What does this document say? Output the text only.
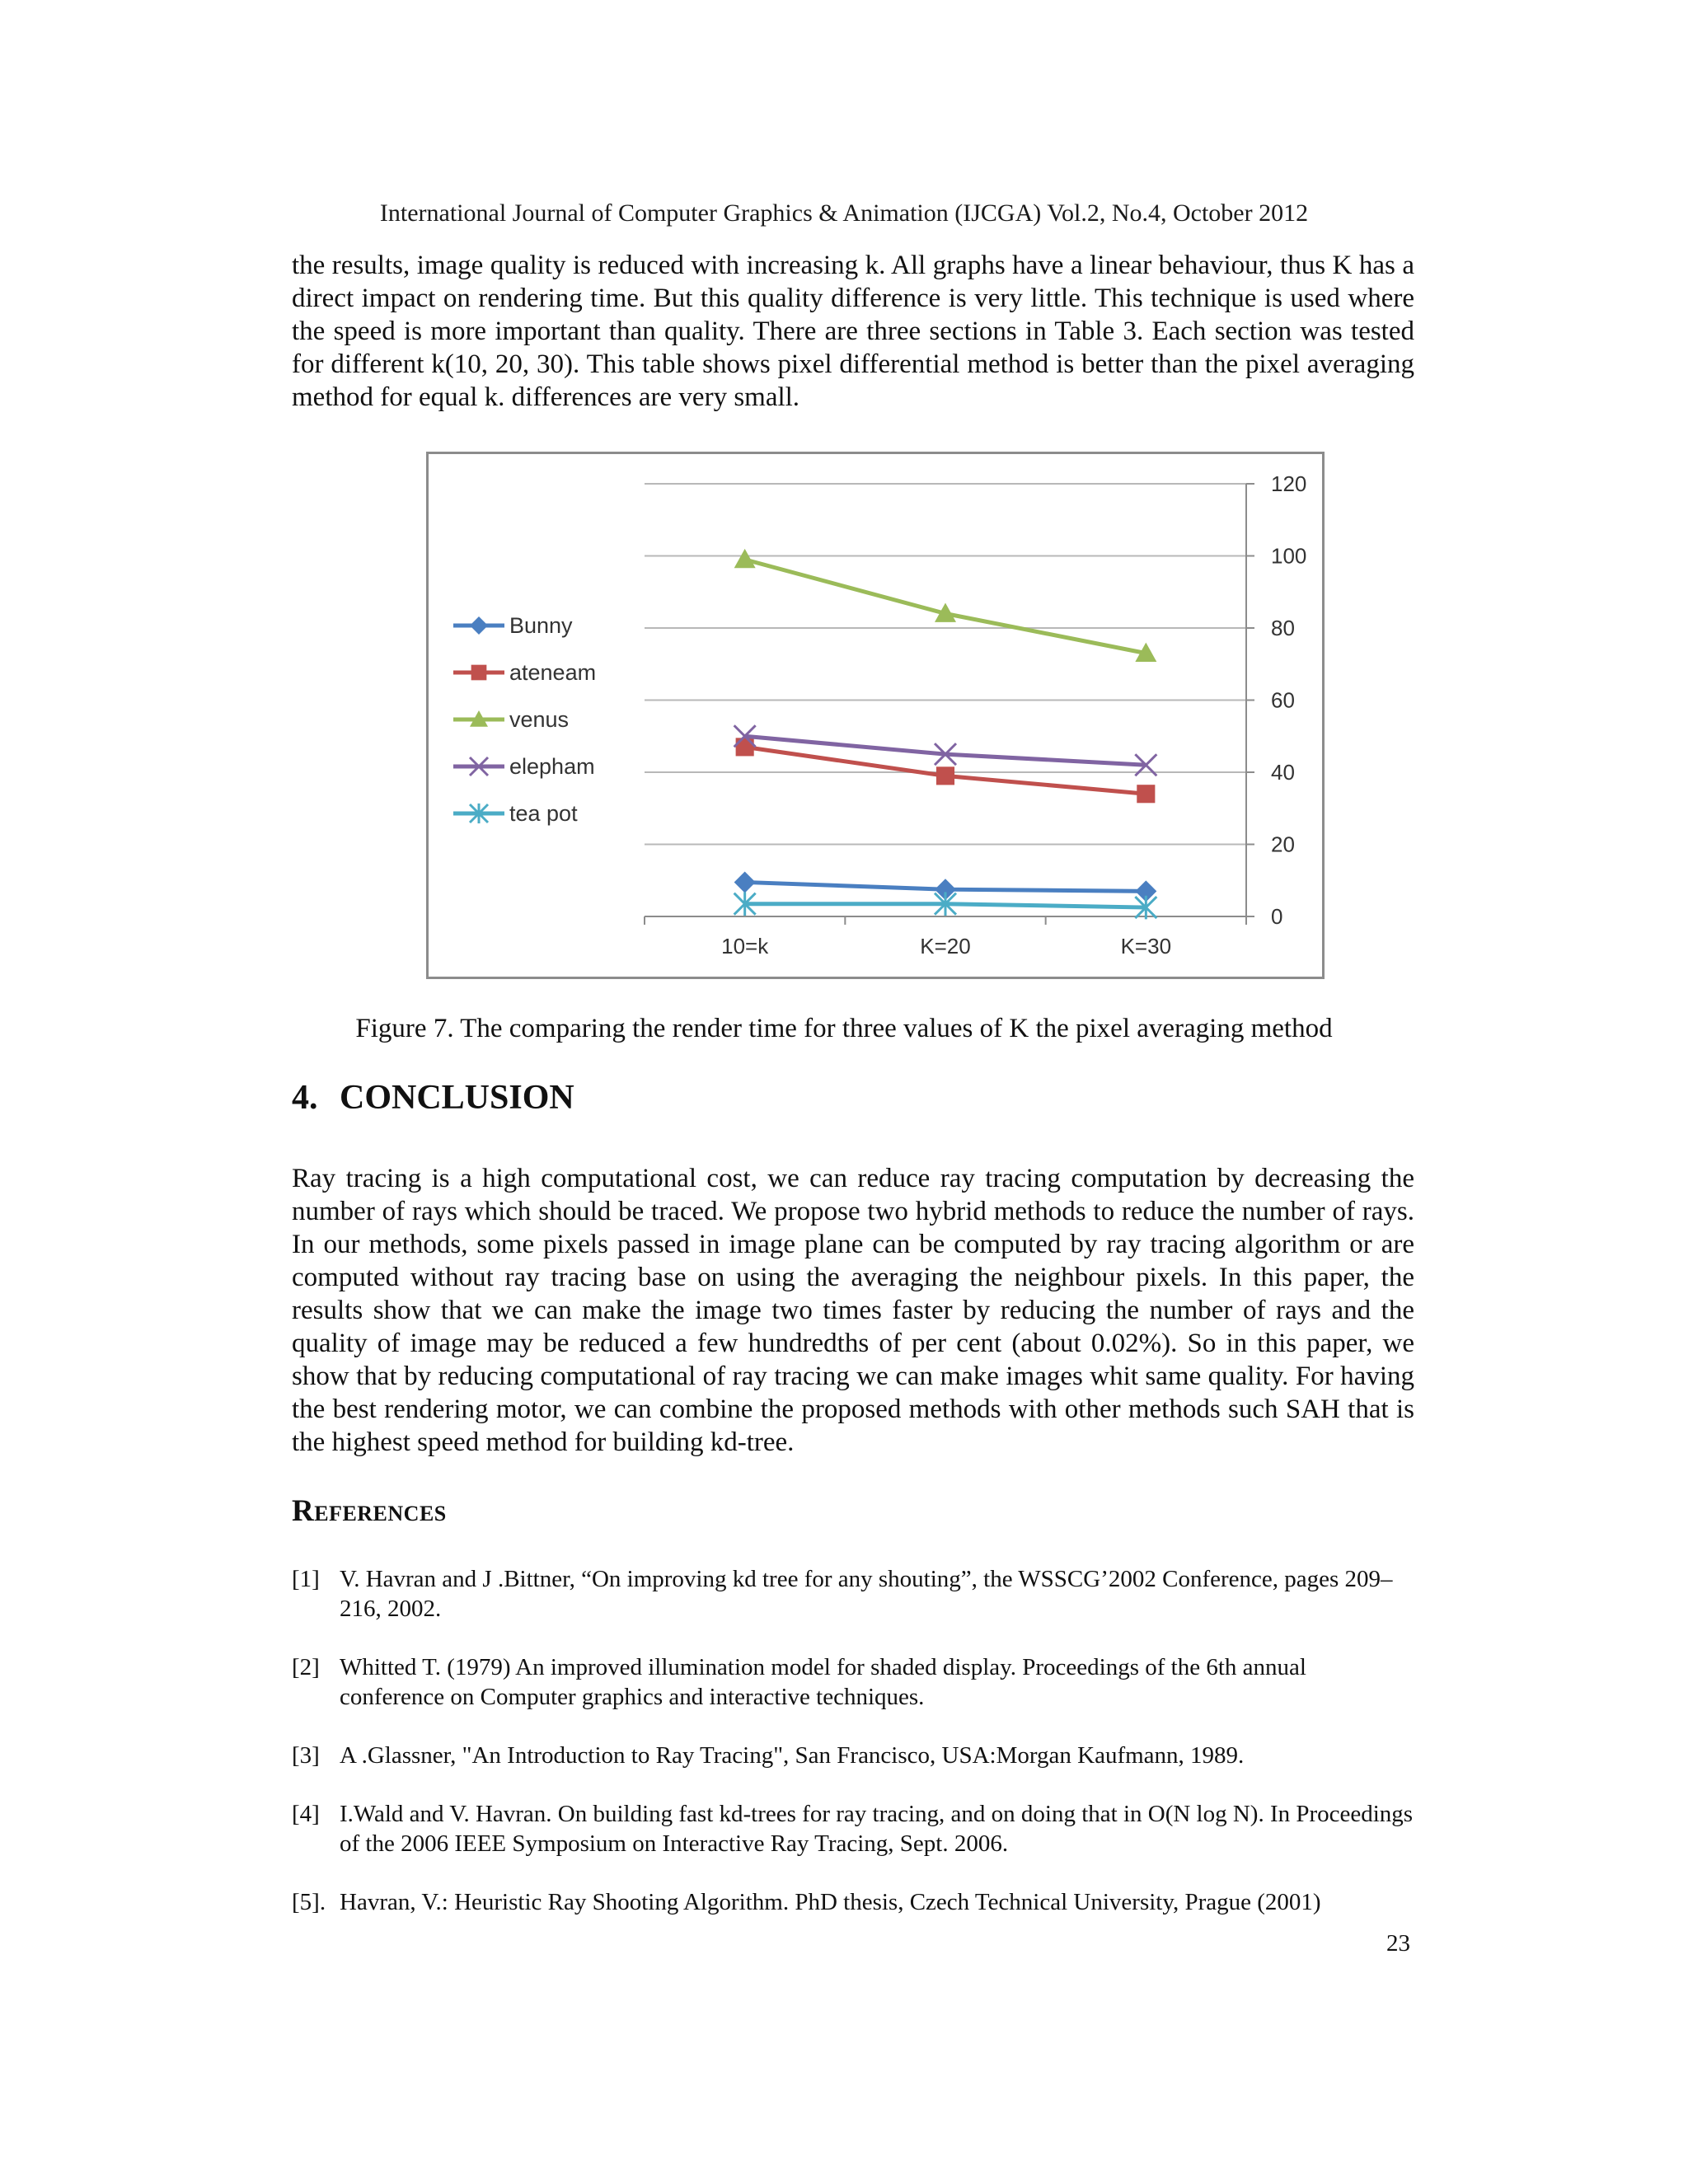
International Journal of Computer Graphics & Animation (IJCGA) Vol.2, No.4, October 2012

the results, image quality is reduced with increasing k. All graphs have a linear behaviour, thus K has a direct impact on rendering time. But this quality difference is very little. This technique is used where the speed is more important than quality. There are three sections in Table 3. Each section was tested for different k(10, 20, 30). This table shows pixel differential method is better than the pixel averaging method for equal k. differences are very small.

0
20
40
60
80
100
120
10=k	K=20	K=30
Bunny
ateneam
venus
elepham
tea pot
Figure 7. The comparing the render time for three values of K the pixel averaging method
4. CONCLUSION

Ray tracing is a high computational cost, we can reduce ray tracing computation by decreasing the number of rays which should be traced. We propose two hybrid methods to reduce the number of rays. In our methods, some pixels passed in image plane can be computed by ray tracing algorithm or are computed without ray tracing base on using the averaging the neighbour pixels. In this paper, the results show that we can make the image two times faster by reducing the number of rays and the quality of image may be reduced a few hundredths of per cent (about 0.02%). So in this paper, we show that by reducing computational of ray tracing we can make images whit same quality. For having the best rendering motor, we can combine the proposed methods with other methods such SAH that is the highest speed method for building kd-tree.

References
[1] V. Havran and J .Bittner, “On improving kd tree for any shouting”, the WSSCG’2002 Conference, pages 209–216, 2002.
[2] Whitted T. (1979) An improved illumination model for shaded display. Proceedings of the 6th annual conference on Computer graphics and interactive techniques.
[3] A .Glassner, "An Introduction to Ray Tracing", San Francisco, USA:Morgan Kaufmann, 1989.
[4] I.Wald and V. Havran. On building fast kd-trees for ray tracing, and on doing that in O(N log N). In Proceedings of the 2006 IEEE Symposium on Interactive Ray Tracing, Sept. 2006.
[5]. Havran, V.: Heuristic Ray Shooting Algorithm. PhD thesis, Czech Technical University, Prague (2001)
23
